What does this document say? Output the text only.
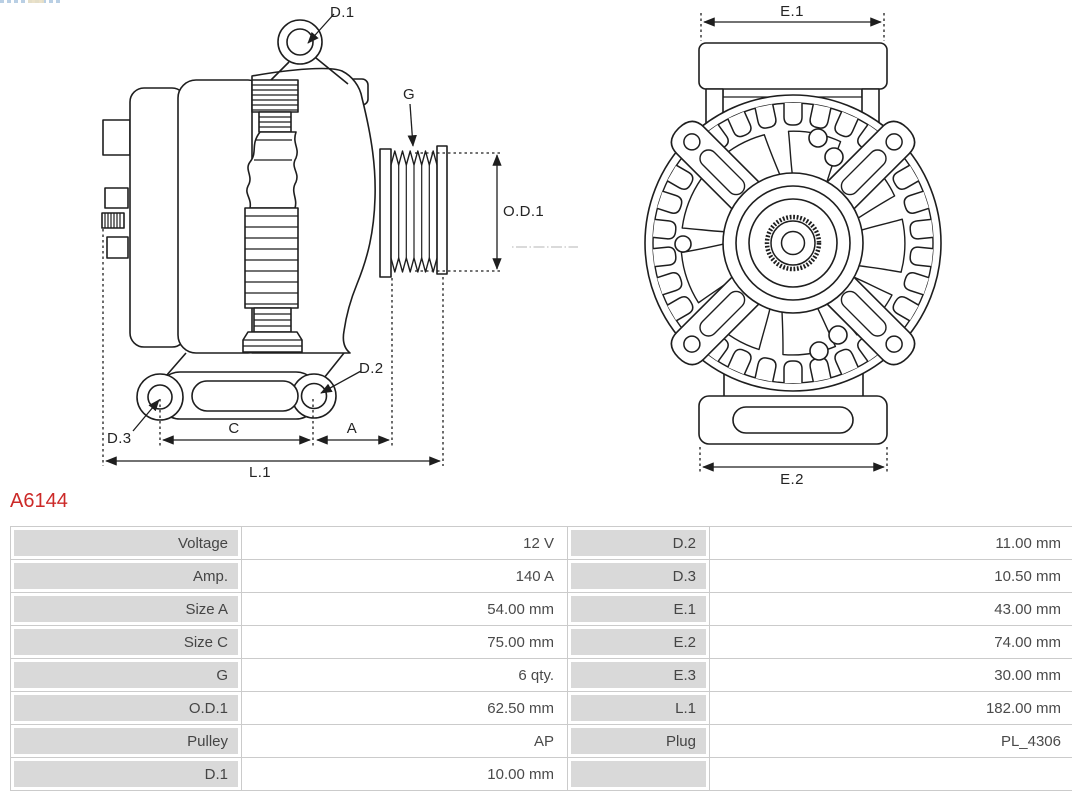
D.1
G
O.D.1
D.2
D.3
C	A
L.1
E.1
E.2
A6144
Voltage	12 V	D.2	11.00 mm
Amp.	140 A	D.3	10.50 mm
Size A	54.00 mm	E.1	43.00 mm
Size C	75.00 mm	E.2	74.00 mm
G	6 qty.	E.3	30.00 mm
O.D.1	62.50 mm	L.1	182.00 mm
Pulley	AP	Plug	PL_4306
D.1	10.00 mm
